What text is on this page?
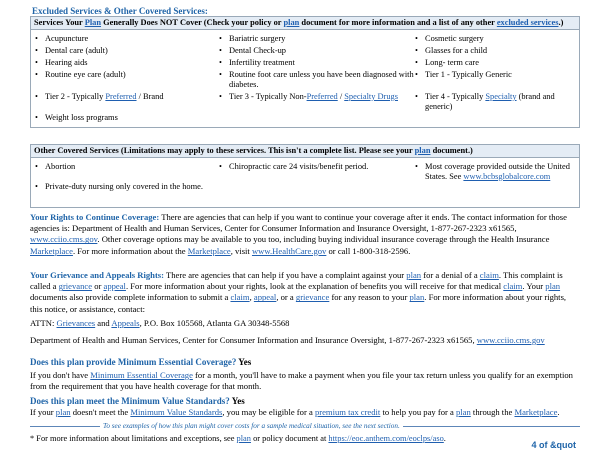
Excluded Services & Other Covered Services:
Services Your Plan Generally Does NOT Cover (Check your policy or plan document for more information and a list of any other excluded services.)

• Acupuncture
• Dental care (adult)
• Hearing aids
• Routine eye care (adult)
• Tier 2 - Typically Preferred / Brand
• Weight loss programs
• Bariatric surgery
• Dental Check-up
• Infertility treatment
• Routine foot care unless you have been diagnosed with diabetes.
• Tier 3 - Typically Non-Preferred / Specialty Drugs
• Cosmetic surgery
• Glasses for a child
• Long- term care
• Tier 1 - Typically Generic
• Tier 4 - Typically Specialty (brand and generic)
Other Covered Services (Limitations may apply to these services. This isn't a complete list. Please see your plan document.)

• Abortion
• Private-duty nursing only covered in the home.
• Chiropractic care 24 visits/benefit period.
•	Most coverage provided outside the United States. See www.bcbsglobalcore.com
Your Rights to Continue Coverage: There are agencies that can help if you want to continue your coverage after it ends. The contact information for those agencies is: Department of Health and Human Services, Center for Consumer Information and Insurance Oversight, 1-877-267-2323 x61565, www.cciio.cms.gov. Other coverage options may be available to you too, including buying individual insurance coverage through the Health Insurance Marketplace. For more information about the Marketplace, visit www.HealthCare.gov or call 1-800-318-2596.
Your Grievance and Appeals Rights: There are agencies that can help if you have a complaint against your plan for a denial of a claim. This complaint is called a grievance or appeal. For more information about your rights, look at the explanation of benefits you will receive for that medical claim. Your plan documents also provide complete information to submit a claim, appeal, or a grievance for any reason to your plan. For more information about your rights, this notice, or assistance, contact:
ATTN: Grievances and Appeals, P.O. Box 105568, Atlanta GA 30348-5568
Department of Health and Human Services, Center for Consumer Information and Insurance Oversight, 1-877-267-2323 x61565, www.cciio.cms.gov
Does this plan provide Minimum Essential Coverage? Yes
If you don't have Minimum Essential Coverage for a month, you'll have to make a payment when you file your tax return unless you qualify for an exemption from the requirement that you have health coverage for that month.
Does this plan meet the Minimum Value Standards? Yes
If your plan doesn't meet the Minimum Value Standards, you may be eligible for a premium tax credit to help you pay for a plan through the Marketplace.
To see examples of how this plan might cover costs for a sample medical situation, see the next section.
* For more information about limitations and exceptions, see plan or policy document at https://eoc.anthem.com/eoclps/aso.
4 of &quot
